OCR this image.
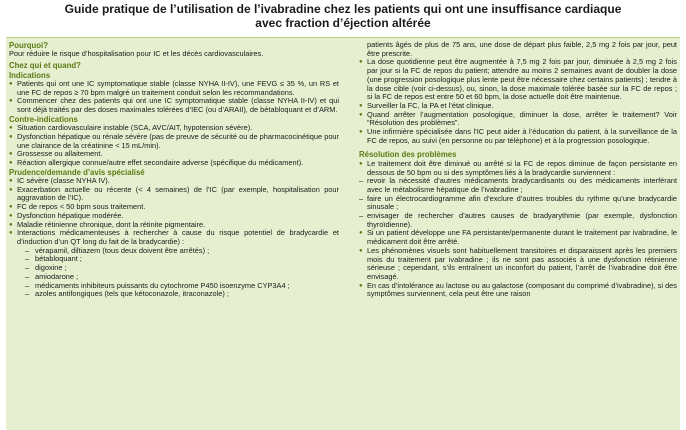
Guide pratique de l’utilisation de l’ivabradine chez les patients qui ont une insuffisance cardiaque
avec fraction d’éjection altérée
Pourquoi?

Pour réduire le risque d’hospitalisation pour IC et les décès cardiovasculaires.

Chez qui et quand?
Indications

● Patients qui ont une IC symptomatique stable (classe NYHA II-IV), une FEVG ≤ 35 %, un RS et une FC de repos ≥ 70 bpm malgré un traitement conduit selon les recommandations.

● Commencer chez des patients qui ont une IC symptomatique stable (classe NYHA II-IV) et qui sont déjà traités par des doses maximales tolérées d’IEC (ou d’ARAII), de bétabloquant et d’ARM.

Contre-indications

● Situation cardiovasculaire instable (SCA, AVC/AIT, hypotension sévère).

● Dysfonction hépatique ou rénale sévère (pas de preuve de sécurité ou de pharmacocinétique pour une clairance de la créatinine < 15 mL/min).

● Grossesse ou allaitement.

● Réaction allergique connue/autre effet secondaire adverse (spécifique du médicament).

Prudence/demande d’avis spécialisé

● IC sévère (classe NYHA IV).

● Exacerbation actuelle ou récente (< 4 semaines) de l’IC (par exemple, hospitalisation pour aggravation de l’IC).

● FC de repos < 50 bpm sous traitement.

● Dysfonction hépatique modérée.

● Maladie rétinienne chronique, dont la rétinite pigmentaire.

● Interactions médicamenteuses à rechercher à cause du risque potentiel de bradycardie et d’induction d’un QT long du fait de la bradycardie) :

– vérapamil, diltiazem (tous deux doivent être arrêtés) ;

– bétabloquant ;

– digoxine ;

– amiodarone ;

– médicaments inhibiteurs puissants du cytochrome P450 isoenzyme CYP3A4 ;

– azoles antifongiques (tels que kétoconazole, itraconazole) ;

patients âgés de plus de 75 ans, une dose de départ plus faible, 2,5 mg 2 fois par jour, peut être prescrite.

● La dose quotidienne peut être augmentée à 7,5 mg 2 fois par jour, diminuée à 2,5 mg 2 fois par jour si la FC de repos du patient; attendre au moins 2 semaines avant de doubler la dose (une progression posologique plus lente peut être nécessaire chez certains patients) ; tendre à la dose cible (voir ci-dessus), ou, sinon, la dose maximale tolérée basée sur la FC de repos ; si la FC de repos est entre 50 et 60 bpm, la dose actuelle doit être maintenue.

● Surveiller la FC, la PA et l’état clinique.

● Quand arrêter l’augmentation posologique, diminuer la dose, arrêter le traitement? Voir “Résolution des problèmes”.

● Une infirmière spécialisée dans l’IC peut aider à l’éducation du patient, à la surveillance de la FC de repos, au suivi (en personne ou par téléphone) et à la progression posologique.

Résolution des problèmes

● Le traitement doit être diminué ou arrêté si la FC de repos diminue de façon persistante en dessous de 50 bpm ou si des symptômes liés à la bradycardie surviennent :

– revoir la nécessité d’autres médicaments bradycardisants ou des médicaments interférant avec le métabolisme hépatique de l’ivabradine ;

– faire un électrocardiogramme afin d’exclure d’autres troubles du rythme qu’une bradycardie sinusale ;

– envisager de rechercher d’autres causes de bradyarythmie (par exemple, dysfonction thyroïdienne).

● Si un patient développe une FA persistante/permanente durant le traitement par ivabradine, le médicament doit être arrêté.

● Les phénomènes visuels sont habituellement transitoires et disparaissent après les premiers mois du traitement par ivabradine ; ils ne sont pas associés à une dysfonction rétinienne sérieuse ; cependant, s’ils entraînent un inconfort du patient, l’arrêt de l’ivabradine doit être envisagé.

● En cas d’intolérance au lactose ou au galactose (composant du comprimé d’ivabradine), si des symptômes surviennent, cela peut être une raison
